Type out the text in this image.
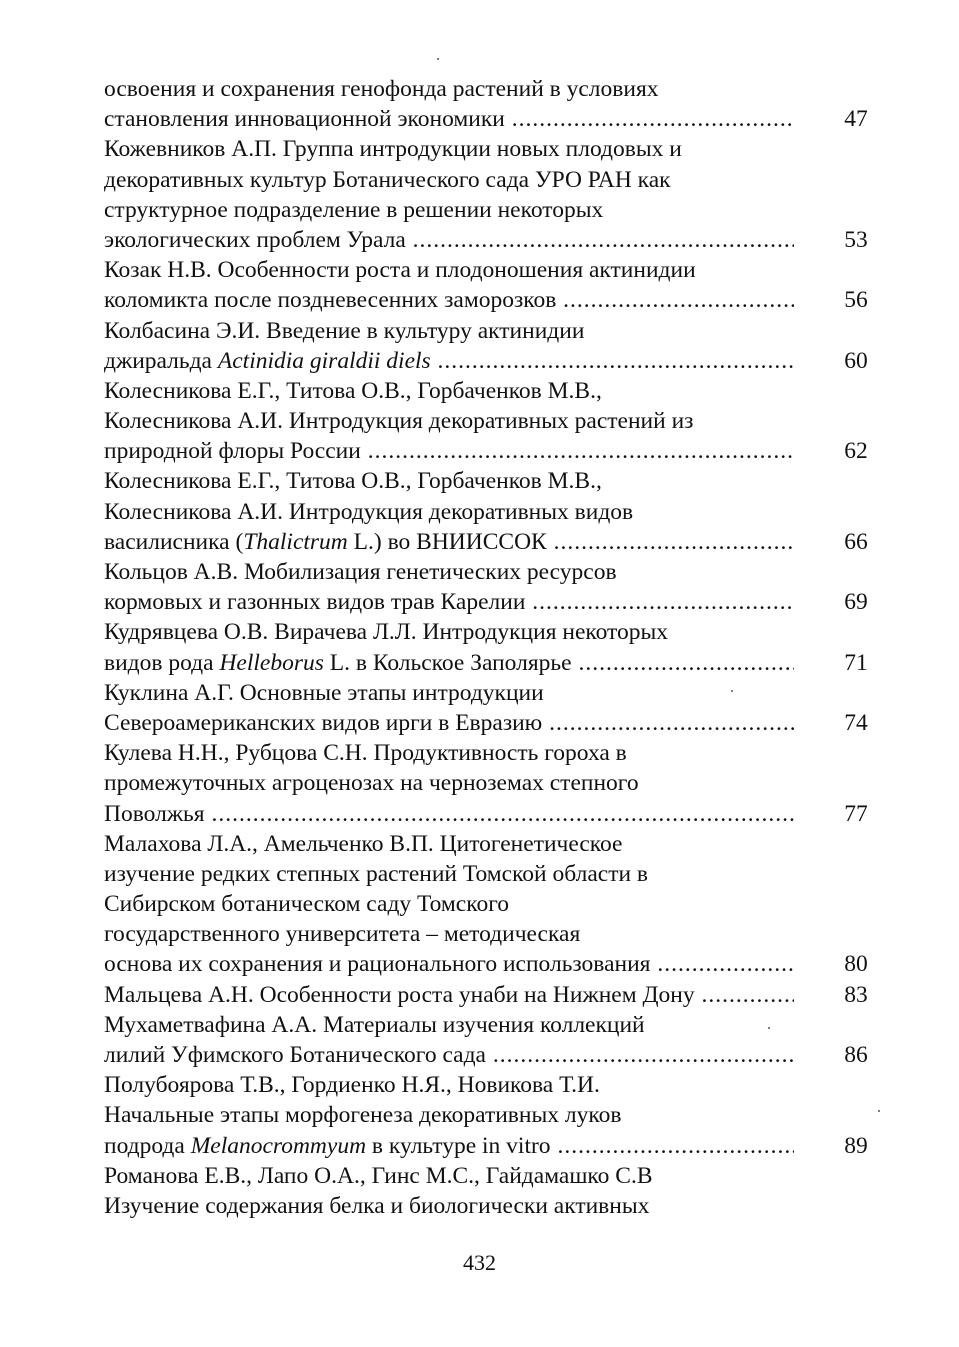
освоения и сохранения генофонда растений в условиях
становления инновационной экономики .....	47
Кожевников А.П. Группа интродукции новых плодовых и
декоративных культур Ботанического сада УРО РАН как
структурное подразделение в решении некоторых
экологических проблем Урала .....	53
Козак Н.В. Особенности роста и плодоношения актинидии
коломикта после поздневесенних заморозков .....	56
Колбасина Э.И. Введение в культуру актинидии
джиральда Actinidia giraldii diels .....	60
Колесникова Е.Г., Титова О.В., Горбаченков М.В.,
Колесникова А.И. Интродукция декоративных растений из
природной флоры России .....	62
Колесникова Е.Г., Титова О.В., Горбаченков М.В.,
Колесникова А.И. Интродукция декоративных видов
василисника (Thalictrum L.) во ВНИИССОК .....	66
Кольцов А.В. Мобилизация генетических ресурсов
кормовых и газонных видов трав Карелии .....	69
Кудрявцева О.В. Вирачева Л.Л. Интродукция некоторых
видов рода Helleborus L. в Кольское Заполярье .....	71
Куклина А.Г. Основные этапы интродукции
Североамериканских видов ирги в Евразию .....	74
Кулева Н.Н., Рубцова С.Н. Продуктивность гороха в
промежуточных агроценозах на черноземах степного
Поволжья .....	77
Малахова Л.А., Амельченко В.П. Цитогенетическое
изучение редких степных растений Томской области в
Сибирском ботаническом саду Томского
государственного университета – методическая
основа их сохранения и рационального использования .....	80
Мальцева А.Н. Особенности роста унаби на Нижнем Дону .....	83
Мухаметвафина А.А. Материалы изучения коллекций
лилий Уфимского Ботанического сада .....	86
Полубоярова Т.В., Гордиенко Н.Я., Новикова Т.И.
Начальные этапы морфогенеза декоративных луков
подрода Melanocrommyum в культуре in vitro .....	89
Романова Е.В., Лапо О.А., Гинс М.С., Гайдамашко С.В
Изучение содержания белка и биологически активных
432
